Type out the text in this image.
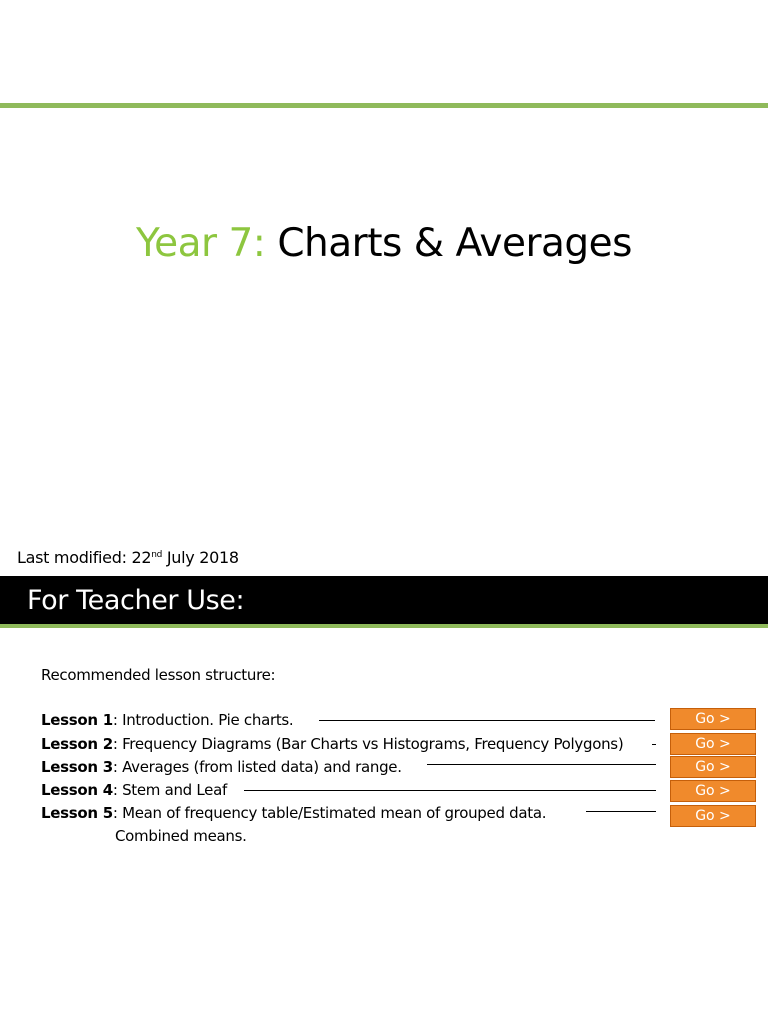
Year 7: Charts & Averages
Last modified: 22nd July 2018
For Teacher Use:
Recommended lesson structure:
Lesson 1: Introduction. Pie charts.	Go >
Lesson 2: Frequency Diagrams (Bar Charts vs Histograms, Frequency Polygons)	Go >
Lesson 3: Averages (from listed data) and range.	Go >
Lesson 4: Stem and Leaf	Go >
Lesson 5: Mean of frequency table/Estimated mean of grouped data.	Go >
Combined means.
